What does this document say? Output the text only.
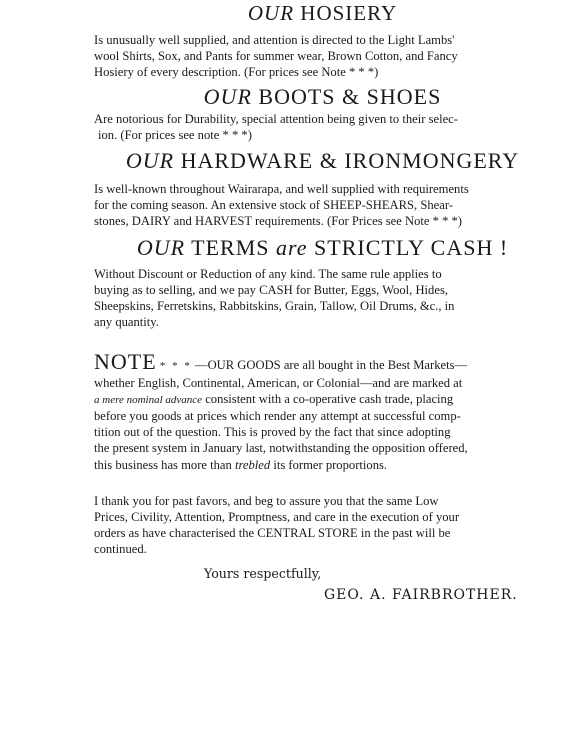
OUR HOSIERY
Is unusually well supplied, and attention is directed to the Light Lambs'
wool Shirts, Sox, and Pants for summer wear, Brown Cotton, and Fancy
Hosiery of every description. (For prices see Note * * *)
OUR BOOTS & SHOES
Are notorious for Durability, special attention being given to their selec-
ion. (For prices see note * * *)
OUR HARDWARE & IRONMONGERY
Is well-known throughout Wairarapa, and well supplied with requirements
for the coming season. An extensive stock of SHEEP-SHEARS, Shear-
stones, DAIRY and HARVEST requirements. (For Prices see Note * * *)
OUR TERMS are STRICTLY CASH !
Without Discount or Reduction of any kind. The same rule applies to
buying as to selling, and we pay CASH for Butter, Eggs, Wool, Hides,
Sheepskins, Ferretskins, Rabbitskins, Grain, Tallow, Oil Drums, &c., in
any quantity.
NOTE * * * —OUR GOODS are all bought in the Best Markets—
whether English, Continental, American, or Colonial—and are marked at
a mere nominal advance consistent with a co-operative cash trade, placing
before you goods at prices which render any attempt at successful comp-
tition out of the question. This is proved by the fact that since adopting
the present system in January last, notwithstanding the opposition offered,
this business has more than trebled its former proportions.
I thank you for past favors, and beg to assure you that the same Low
Prices, Civility, Attention, Promptness, and care in the execution of your
orders as have characterised the CENTRAL STORE in the past will be
continued.
Yours respectfully,
GEO. A. FAIRBROTHER.
